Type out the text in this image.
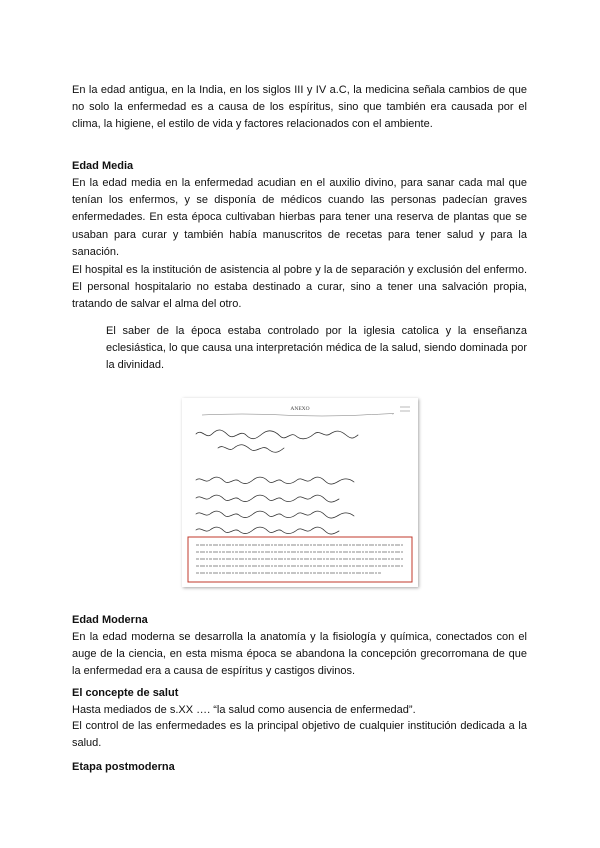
En la edad antigua, en la India, en los siglos III y IV a.C, la medicina señala cambios de que no solo la enfermedad es a causa de los espíritus, sino que también era causada por el clima, la higiene, el estilo de vida y factores relacionados con el ambiente.

Edad Media

En la edad media en la enfermedad acudian en el auxilio divino, para sanar cada mal que tenían los enfermos, y se disponía de médicos cuando las personas padecían graves enfermedades. En esta época cultivaban hierbas para tener una reserva de plantas que se usaban para curar y también había manuscritos de recetas para tener salud y para la sanación.

El hospital es la institución de asistencia al pobre y la de separación y exclusión del enfermo. El personal hospitalario no estaba destinado a curar, sino a tener una salvación propia, tratando de salvar el alma del otro.

El saber de la época estaba controlado por la iglesia catolica y la enseñanza eclesiástica, lo que causa una interpretación médica de la salud, siendo dominada por la divinidad.

ANEXO

Edad Moderna

En la edad moderna se desarrolla la anatomía y la fisiología y química, conectados con el auge de la ciencia, en esta misma época se abandona la concepción grecorromana de que la enfermedad era a causa de espíritus y castigos divinos.

El concepte de salut

Hasta mediados de s.XX …. “la salud como ausencia de enfermedad”.

El control de las enfermedades es la principal objetivo de cualquier institución dedicada a la salud.

Etapa postmoderna
